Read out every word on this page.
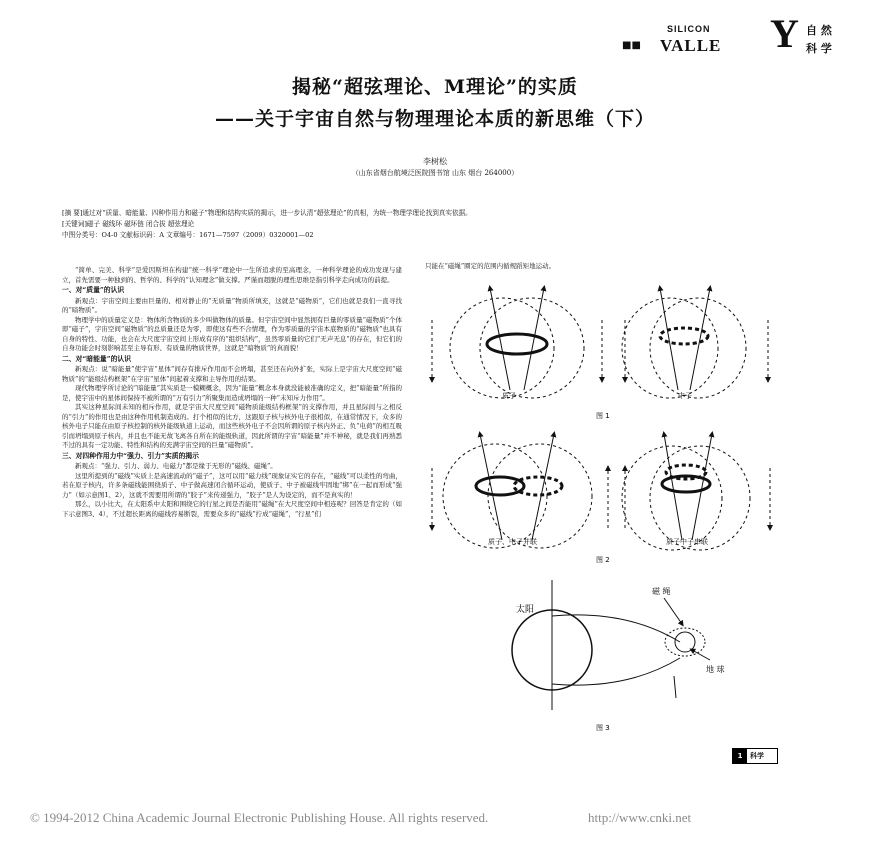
■■
SILICON
VALLE Y 自 然
科 学
揭秘“超弦理论、M理论”的实质
——关于宇宙自然与物理理论本质的新思维（下）
李树松
（山东省烟台航境泛医院图书馆 山东 烟台 264000）
[摘 要]通过对“质量、暗能量、四种作用力和磁子”物理和结构实质的揭示，进一步认清“超弦理论”的真相，为统一物理学理论找到真实依据。
[关键词]磁子 磁线环 磁环链 闭合拔 超弦理论
中图分类号：O4-0 文献标识码：A 文章编号：1671—7597（2009）0320001—02

“简单、完美、科学”是爱因斯坦在构建“统一科学”理论中一生所追求的至高理念，一种科学理论的成功发现与建立，首先需要一种独到的、哲学的、科学的“认知理念”做支撑。严谨而超脱的理性思维是指引科学走向成功的前提。

一、对“质量”的认识

新观点：宇宙空间主要由巨量的、相对静止的“无质量”物质所填充，这就是“磁物质”，它们也就是我们一直寻找的“暗物质”。

物理学中的质量定义是：物体所含物质的多少叫做物体的质量。但宇宙空间中显然拥有巨量的零质量“磁物质”个体即“磁子”，宇宙空间“磁物质”的总质量还是为零，即使这有些不合情理，作为零质量的宇宙本底物质的“磁物质”也具有自身的特性、功能，也会在大尺度宇宙空间上形成有序的“组织结构”，虽然零质量的它们“无声无息”的存在，但它们的自身功能会时刻影响甚至主导有形、有质量的物质世界，这就是“暗物质”的真面貌！

二、对“暗能量”的认识

新观点：说“暗能量”使宇宙“星体”间存有排斥作用而不会坍塌，甚至还在向外扩张，实际上是宇宙大尺度空间“磁物质”的“能级结构框架”在宇宙“星体”间起着支撑和主导作用的结果。

现代物理学所讨论的“暗能量”其实质是一模糊概念，因为“能量”概念本身就没能被准确的定义，把“暗能量”所指的是，使宇宙中的星体间保持不被所谓的“万有引力”所聚集而造成坍塌的一种“未知斥力作用”。

其实这种星际间未知的相斥作用，就是宇宙大尺度空间“磁物质能级结构框架”的支撑作用，并且星际间与之相反的“引力”的作用也是由这种作用机制造成的。打个相似的比方，这跟原子核与核外电子很相似，在通常情况下，众多的核外电子只能在由原子核控制的核外能级轨道上运动，而这些核外电子不会因所谓的原子核内外正、负“电荷”的相互吸引而坍塌到原子核内，并且也不能无故飞离各自所在的能级轨道，因此所谓的宇宙“暗能量”并不神秘，就是我们再熟悉不过的具有一定功能、特性和结构的充满宇宙空间的巨量“磁物质”。

三、对四种作用力中“强力、引力”实质的揭示

新观点：“强力、引力、弱力、电磁力”都是缘于无形的“磁线、磁绳”。

这里所提到的“磁线”实质上是高速流动的“磁子”，这可以用“磁力线”现象证实它的存在，“磁线”可以柔性的弯曲，若在原子核内，许多条磁线能围绕质子、中子做高速闭合循环运动，使质子、中子被磁线牢固地“绑”在一起而形成“强力”（如示意图1、2），这就不需要用所谓的“胶子”来传递强力，“胶子”是人为设定的，而不是真实的！

那么，以小比大，在太阳系中太阳和围绕它的行星之间是否能用“磁绳”在大尺度空间中相连呢？回答是肯定的（如下示意图3、4），不过超长距离的磁线容易断裂，需要众多的“磁线”拧成“磁绳”，“行星”们

只能在“磁绳”圈定的范围内循规蹈矩地运动。
质子	中子
图 1
质子、中子并联	质子中子串联
图 2
太阳
磁 绳
地 球
图 3
1	科学
© 1994-2012 China Academic Journal Electronic Publishing House. All rights reserved.	http://www.cnki.net
